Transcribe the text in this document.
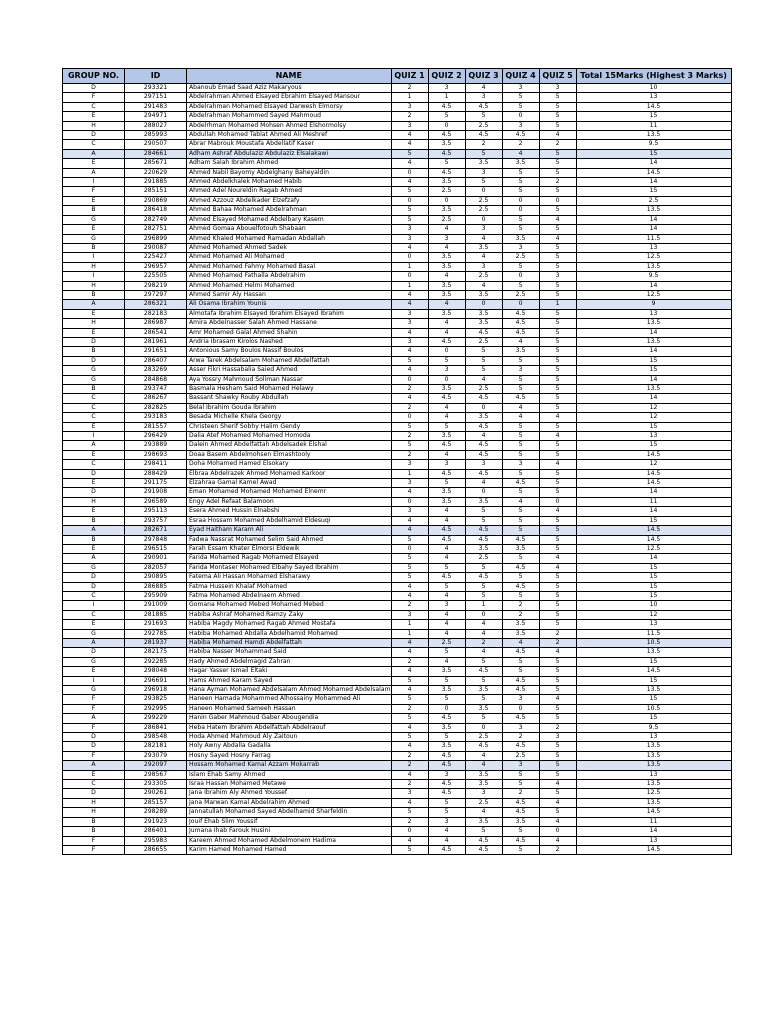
GROUP NO.	ID	NAME	QUIZ 1	QUIZ 2	QUIZ 3	QUIZ 4	QUIZ 5	Total 15Marks (Highest 3 Marks)
D	293321	Abanoub Emad Saad Aziz Makaryous	2	3	4	3	3	10
F	297151	Abdelrahman Ahmed Elsayed Ebrahim Elsayed Mansour	1	1	3	5	5	13
C	291483	Abdelrahman Mohamed Elsayed Darwesh Elmorsy	3	4.5	4.5	5	5	14.5
E	294971	Abdelrahman Mohammed Sayed Mahmoud	2	5	5	0	5	15
H	288027	Abdelrhman Mohamed Mohsen Ahmed Elshormolsy	3	0	2.5	3	5	11
D	285993	Abdullah Mohamed Tablat Ahmed Ali Meshref	4	4.5	4.5	4.5	4	13.5
C	290507	Abrar Mabrouk Moustafa Abdellatif Kaser	4	3.5	2	2	2	9.5
A	284661	Adham Ashraf Abdulaziz Abdulaziz Elsalakawi	5	4.5	5	4	5	15
E	285671	Adham Salah Ibrahim Ahmed	4	5	3.5	3.5	5	14
A	220629	Ahmed Nabil Bayomy Abdelghany Baheyaldin	0	4.5	3	5	5	14.5
I	291885	Ahmed Abdelkhalek Mohamed Habib	4	3.5	5	5	2	14
F	285151	Ahmed Adel Noureldin Ragab Ahmed	5	2.5	0	5	5	15
E	290869	Ahmed Azzouz Abdelkader Elzefzafy	0	0	2.5	0	0	2.5
B	286418	Ahmed Bahaa Mohamed Abdelrahman	5	3.5	2.5	0	5	13.5
G	282749	Ahmed Elsayed Mohamed Abdelbary Kasem	5	2.5	0	5	4	14
E	282751	Ahmed Gomaa Abouelfotouh Shabaan	3	4	3	5	5	14
G	296899	Ahmed Khaled Mohamed Ramadan Abdallah	3	3	4	3.5	4	11.5
B	290087	Ahmed Mohamed Ahmed Sadek	4	4	3.5	3	5	13
I	225427	Ahmed Mohamed Ali Mohamed	0	3.5	4	2.5	5	12.5
H	296957	Ahmed Mohamed Fahmy Mohamed Basal	1	3.5	3	5	5	13.5
I	225505	Ahmed Mohamed Fathalla Abdelrahim	0	4	2.5	0	3	9.5
H	298219	Ahmed Mohamed Helmi Mohamed	1	3.5	4	5	5	14
B	297297	Ahmed Samir Aly Hassan	4	3.5	3.5	2.5	5	12.5
A	286321	Ali Osama Ibrahim Younis	4	4	0	0	1	9
E	282183	Almotafa Ibrahim Elsayed Ibrahim Elsayed Ibrahim	3	3.5	3.5	4.5	5	13
H	286987	Amira Abdelnasser Salah Ahmed Hassane	3	4	3.5	4.5	5	13.5
E	286541	Amr Mohamed Galal Ahmed Shahin	4	4	4.5	4.5	5	14
D	281961	Andria Ibrasam Kirolos Nashed	3	4.5	2.5	4	5	13.5
B	291651	Antonious Samy Boulos Nassif Boulos	4	0	5	3.5	5	14
D	286407	Arwa Tarek Abdelsalam Mohamed Abdelfattah	5	5	5	5	5	15
G	283269	Asser Fikri Hassabalia Saied Ahmed	4	3	5	3	5	15
G	284868	Aya Yossry Mahmoud Soliman Nassar	0	0	4	5	5	14
B	293747	Basmala Hesham Said Mohamed Helawy	2	3.5	2.5	5	5	13.5
C	286267	Bassant Shawky Rouby Abdullah	4	4.5	4.5	4.5	5	14
C	282825	Belal Ibrahim Gouda Ibrahim	2	4	0	4	5	12
C	293183	Besada Michelle Khela Georgy	0	4	3.5	4	4	12
E	281557	Christeen Sherif Sobhy Halim Gendy	5	5	4.5	5	5	15
I	296429	Dalia Atef Mohamed Mohamed Homoda	2	3.5	4	5	4	13
A	293889	Dalein Ahmed Abdelfattah Abdelsadek Elshal	5	4.5	4.5	5	5	15
E	298693	Doaa Basem Abdelmohsen Elmashtooly	2	4	4.5	5	5	14.5
C	298411	Doha Mohamed Hamed Elsokary	3	3	3	3	4	12
D	288429	Elbraa Abdelrazek Ahmed Mohamed Karkoor	1	4.5	4.5	5	5	14.5
E	291175	Elzahraa Gamal Kamel Awad	3	5	4	4.5	5	14.5
D	291908	Eman Mohamed Mohamed Mohamed Elnemr	4	3.5	0	5	5	14
H	296589	Engy Adel Refaat Balamoon	0	3.5	3.5	4	0	11
E	295113	Esera Ahmed Hussin Elnabshi	3	4	5	5	4	14
B	293757	Esraa Hossam Mohamed Abdelhamid Eldesuqi	4	4	5	5	5	15
A	282671	Eyad Haitham Karam Ali	4	4.5	4.5	5	5	14.5
B	297848	Fadwa Nassrat Mohamed Selim Said Ahmed	5	4.5	4.5	4.5	5	14.5
E	296515	Farah Essam Khater Elmorsi Eldewik	0	4	3.5	3.5	5	12.5
A	290901	Farida Mohamed Ragab Mohamed Elsayed	5	4	2.5	5	4	14
G	282057	Farida Montaser Mohamed Elbahy Sayed Ibrahim	5	5	5	4.5	4	15
D	290895	Fatema Ali Hassan Mohamed Elsharawy	5	4.5	4.5	5	5	15
D	286885	Fatma Hussein Khalaf Mohamed	4	5	5	4.5	5	15
C	295909	Fatma Mohamed Abdelnaem Ahmed	4	4	5	5	5	15
I	291009	Gomana Mohamed Mebed Mohamed Mebed	2	3	1	2	5	10
C	281885	Habiba Ashraf Mohamed Ramzy Zaky	3	4	0	2	5	12
E	291693	Habiba Magdy Mohamed Ragab Ahmed Mostafa	1	4	4	3.5	5	13
G	292785	Habiba Mohamed Abdalla Abdelhamid Mohamed	1	4	4	3.5	2	11.5
A	281937	Habiba Mohamed Hamdi Abdelfattah	4	2.5	2	4	2	10.5
D	282175	Habiba Nasser Mohammad Said	4	5	4	4.5	4	13.5
G	292285	Hady Ahmed Abdelmagid Zahran	2	4	5	5	5	15
E	298048	Hagar Yasser Ismail Eltaki	4	3.5	4.5	5	5	14.5
I	296691	Hams Ahmed Karam Sayed	5	5	5	4.5	5	15
G	296918	Hana Ayman Mohamed Abdelsalam Ahmed Mohamed Abdelsalam	4	3.5	3.5	4.5	5	13.5
F	293825	Haneen Hamada Mohammed Alhossainy Mohammed Ali	5	5	5	3	4	15
F	292995	Haneen Mohamed Sameeh Hassan	2	0	3.5	0	5	10.5
A	299229	Hanin Gaber Mahmoud Gaber Abougendia	5	4.5	5	4.5	5	15
F	286841	Heba Hatem Ibrahim Abdelfattah Abdelraouf	4	3.5	0	3	2	9.5
D	298548	Hoda Ahmed Mahmoud Aly Zaitoun	5	5	2.5	2	3	13
D	282181	Holy Awny Abdalla Gadalla	4	3.5	4.5	4.5	5	13.5
F	293079	Hosny Sayed Hosny Farrag	2	4.5	4	2.5	5	13.5
A	292097	Hossam Mohamed Kamal Azzam Mokarrab	2	4.5	4	3	5	13.5
E	298567	Islam Ehab Samy Ahmed	4	3	3.5	5	5	13
C	293305	Israa Hassan Mohamed Metawe	2	4.5	3.5	5	4	13.5
D	290261	Jana Ibrahim Aly Ahmed Youssef	3	4.5	3	2	5	12.5
H	285157	Jana Marwan Kamal Abdelrahim Ahmed	4	5	2.5	4.5	4	13.5
H	298289	Jannatullah Mohamed Sayed Abdelhamid Sharfeldin	5	5	4	4.5	5	14.5
B	291923	Jouif Ehab Slim Youssif	2	3	3.5	3.5	4	11
B	286401	Jumana Ihab Farouk Husini	0	4	5	5	0	14
F	295983	Kareem Ahmed Mohamed Abdelmonem Hadima	4	4	4.5	4.5	4	13
F	286655	Karim Hamed Mohamed Hamed	5	4.5	4.5	5	2	14.5
